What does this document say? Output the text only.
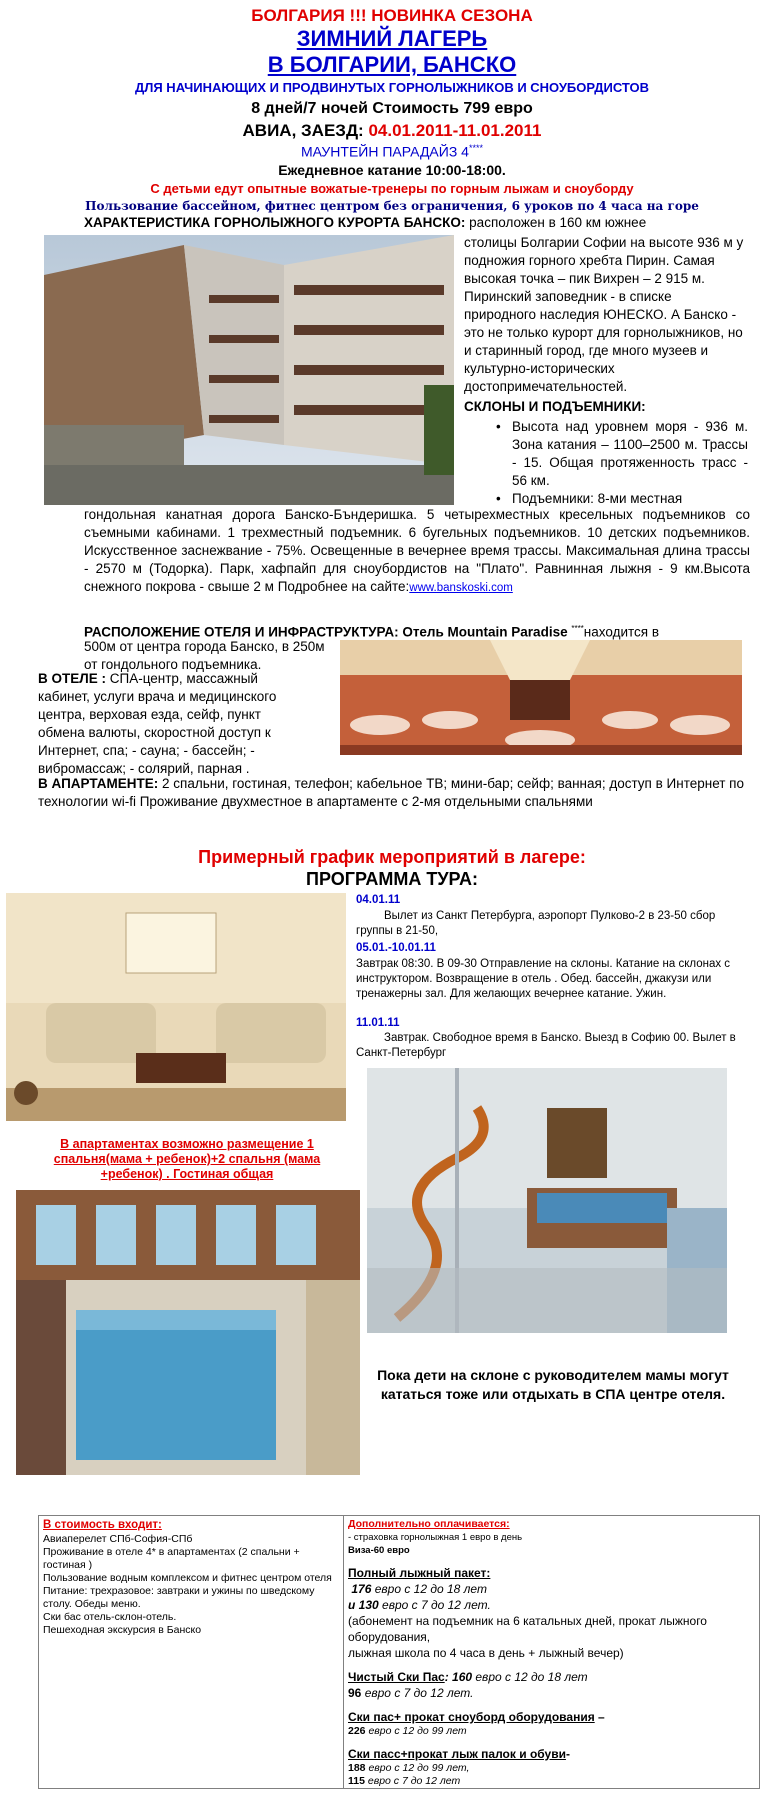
БОЛГАРИЯ !!! НОВИНКА СЕЗОНА
ЗИМНИЙ ЛАГЕРЬ
В БОЛГАРИИ, БАНСКО
ДЛЯ НАЧИНАЮЩИХ И ПРОДВИНУТЫХ ГОРНОЛЫЖНИКОВ И СНОУБОРДИСТОВ
8 дней/7 ночей Стоимость 799 евро
АВИА, ЗАЕЗД: 04.01.2011-11.01.2011
МАУНТЕЙН ПАРАДАЙЗ 4****
Ежедневное катание 10:00-18:00.
С детьми едут опытные вожатые-тренеры по горным лыжам и сноуборду
Пользование бассейном, фитнес центром без ограничения, 6 уроков по 4 часа на горе
ХАРАКТЕРИСТИКА ГОРНОЛЫЖНОГО КУРОРТА БАНСКО: расположен в 160 км южнее
столицы Болгарии Софии на высоте 936 м у подножия горного хребта Пирин. Самая высокая точка – пик Вихрен – 2 915 м. Пиринский заповедник - в списке природного наследия ЮНЕСКО. А Банско - это не только курорт для горнолыжников, но и старинный город, где много музеев и культурно-исторических достопримечательностей.
СКЛОНЫ И ПОДЪЕМНИКИ:
• Высота над уровнем моря - 936 м. Зона катания – 1100–2500 м. Трассы - 15. Общая протяженность трасс - 56 км.
• Подъемники: 8-ми местная
гондольная канатная дорога Банско-Бъндеришка. 5 четырехместных кресельных подъемников со съемными кабинами. 1 трехместный подъемник. 6 бугельных подъемников. 10 детских подъемников. Искусственное заснежвание - 75%. Освещенные в вечернее время трассы. Максимальная длина трассы - 2570 м (Тодорка). Парк, хафпайп для сноубордистов на "Плато". Равнинная лыжня - 9 км.Высота снежного покрова - свыше 2 м Подробнее на сайте:www.banskoski.com
РАСПОЛОЖЕНИЕ ОТЕЛЯ И ИНФРАСТРУКТУРА: Отель Mountain Paradise ****находится в
500м от центра города Банско, в 250м от гондольного подъемника.
В ОТЕЛЕ : СПА-центр, массажный кабинет, услуги врача и медицинского центра, верховая езда, сейф, пункт обмена валюты, скоростной доступ к Интернет, спа; - сауна; - бассейн; - вибромассаж; - солярий, парная .
В АПАРТАМЕНТЕ: 2 спальни, гостиная, телефон; кабельное ТВ; мини-бар; сейф; ванная; доступ в Интернет по технологии wi-fi Проживание двухместное в апартаменте с 2-мя отдельными спальнями
Примерный график мероприятий в лагере:
ПРОГРАММА ТУРА:
04.01.11
Вылет из Санкт Петербурга, аэропорт Пулково-2 в 23-50 сбор группы в 21-50,
05.01.-10.01.11
Завтрак 08:30. В 09-30 Отправление на склоны. Катание на склонах с инструктором. Возвращение в отель . Обед. бассейн, джакузи или тренажерны зал. Для желающих вечернее катание. Ужин.
11.01.11
Завтрак. Свободное время в Банско. Выезд в Софию 00. Вылет в Санкт-Петербург
В апартаментах возможно размещение 1 спальня(мама + ребенок)+2 спальня (мама +ребенок) . Гостиная общая
Пока дети на склоне с руководителем мамы могут кататься тоже или отдыхать в СПА центре отеля.
В стоимость входит:
Авиаперелет СПб-София-СПб
Проживание в отеле 4* в апартаментах (2 спальни + гостиная )
Пользование водным комплексом и фитнес центром отеля
Питание: трехразовое: завтраки и ужины по шведскому столу. Обеды меню.
Ски бас отель-склон-отель.
Пешеходная экскурсия в Банско
Дополнительно оплачивается:
- страховка горнолыжная 1 евро в день
Виза-60 евро
Полный лыжный пакет:
176 евро с 12 до 18 лет
и 130 евро с 7 до 12 лет.
(абонемент на подъемник на 6 катальных дней, прокат лыжного оборудования,
лыжная школа по 4 часа в день + лыжный вечер)
Чистый Ски Пас: 160 евро с 12 до 18 лет
96 евро с 7 до 12 лет.
Ски пас+ прокат сноуборд оборудования –
226 евро с 12 до 99 лет
Ски пасс+прокат лыж палок и обуви-
188 евро с 12 до 99 лет,
115 евро с 7 до 12 лет
